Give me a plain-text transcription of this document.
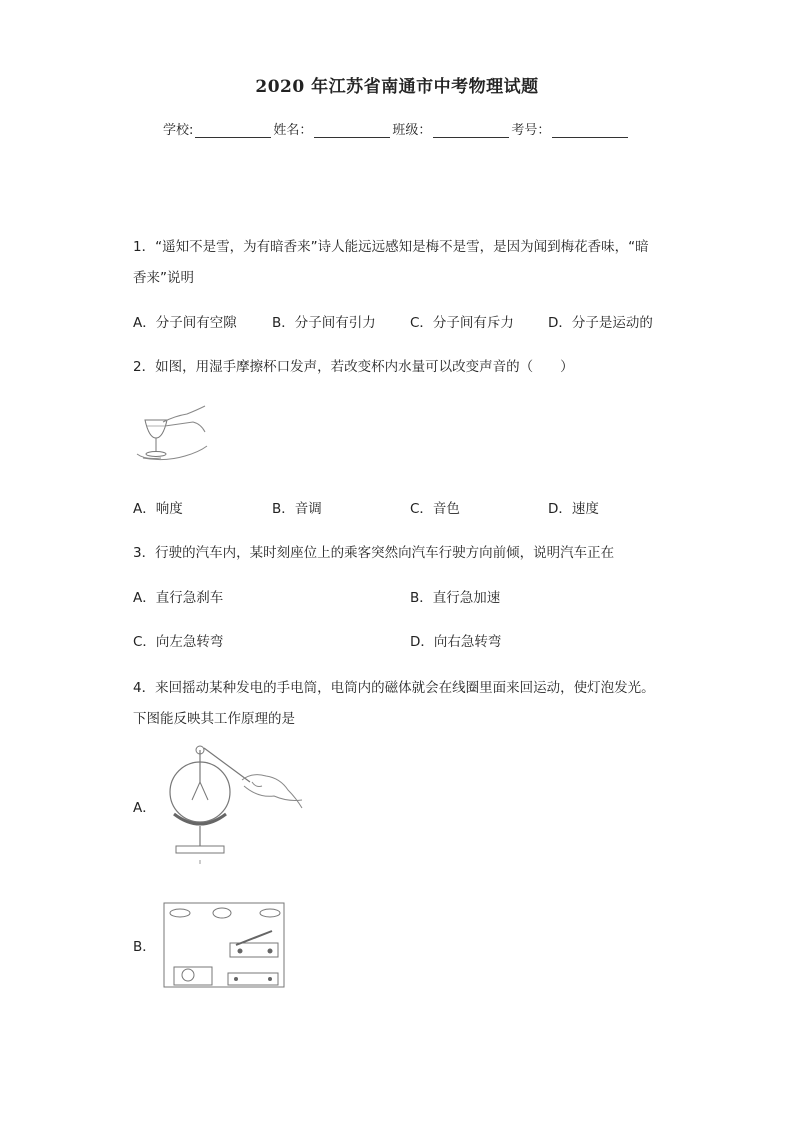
2020 年江苏省南通市中考物理试题
学校:	姓名：	班级：	考号：
1．“遥知不是雪，为有暗香来”诗人能远远感知是梅不是雪，是因为闻到梅花香味，“暗
香来”说明
A．分子间有空隙	B．分子间有引力	C．分子间有斥力	D．分子是运动的
2．如图，用湿手摩擦杯口发声，若改变杯内水量可以改变声音的（　　）
A．响度	B．音调	C．音色	D．速度
3．行驶的汽车内，某时刻座位上的乘客突然向汽车行驶方向前倾，说明汽车正在
A．直行急刹车	B．直行急加速
C．向左急转弯	D．向右急转弯
4．来回摇动某种发电的手电筒，电筒内的磁体就会在线圈里面来回运动，使灯泡发光。
下图能反映其工作原理的是
A．
B．
